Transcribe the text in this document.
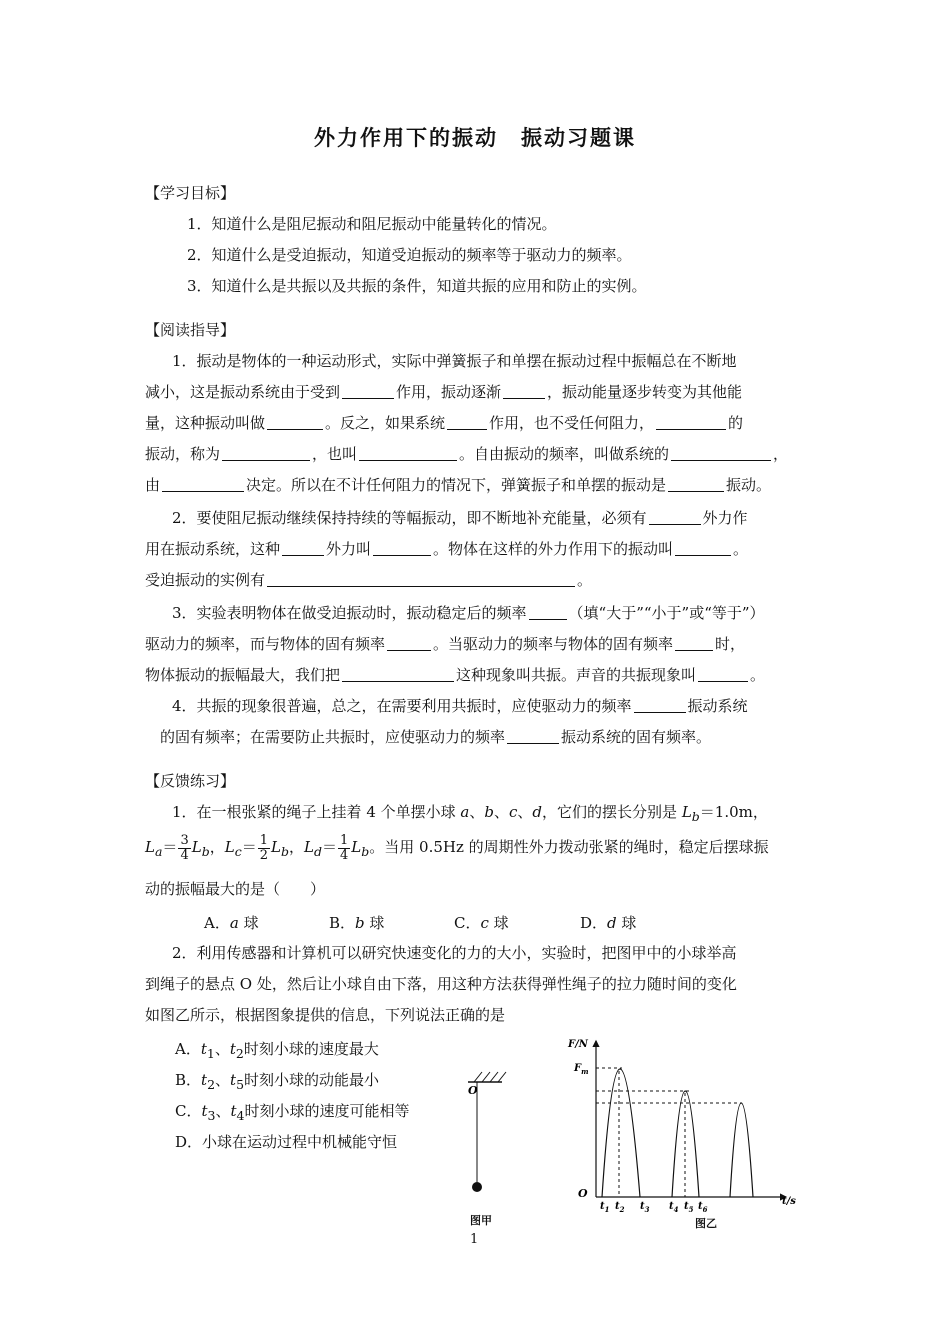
外力作用下的振动　振动习题课
【学习目标】
1．知道什么是阻尼振动和阻尼振动中能量转化的情况。
2．知道什么是受迫振动，知道受迫振动的频率等于驱动力的频率。
3．知道什么是共振以及共振的条件，知道共振的应用和防止的实例。
【阅读指导】
1．振动是物体的一种运动形式，实际中弹簧振子和单摆在振动过程中振幅总在不断地
减小，这是振动系统由于受到	作用，振动逐渐	，振动能量逐步转变为其他能
量，这种振动叫做	。反之，如果系统	作用，也不受任何阻力，	的
振动，称为	，也叫	。自由振动的频率，叫做系统的	，
由	决定。所以在不计任何阻力的情况下，弹簧振子和单摆的振动是	振动。
2．要使阻尼振动继续保持持续的等幅振动，即不断地补充能量，必须有	外力作
用在振动系统，这种	外力叫	。物体在这样的外力作用下的振动叫	。
受迫振动的实例有	。
3．实验表明物体在做受迫振动时，振动稳定后的频率	（填“大于”“小于”或“等于”）
驱动力的频率，而与物体的固有频率	。当驱动力的频率与物体的固有频率	时，
物体振动的振幅最大，我们把	这种现象叫共振。声音的共振现象叫	。
4．共振的现象很普遍，总之，在需要利用共振时，应使驱动力的频率	振动系统
的固有频率；在需要防止共振时，应使驱动力的频率	振动系统的固有频率。
【反馈练习】
1．在一根张紧的绳子上挂着 4 个单摆小球 a、b、c、d，它们的摆长分别是 $L_b=1.0m$，
$L_a= \frac{3}{4} L_b$，$L_c= \frac{1}{2} L_b$，$L_d= \frac{1}{4} L_b$。当用 0.5Hz 的周期性外力拨动张紧的绳时，稳定后摆球振
动的振幅最大的是（　　）
A．a 球	B．b 球	C．c 球	D．d 球
2．利用传感器和计算机可以研究快速变化的力的大小，实验时，把图甲中的小球举高
到绳子的悬点 O 处，然后让小球自由下落，用这种方法获得弹性绳子的拉力随时间的变化
如图乙所示，根据图象提供的信息，下列说法正确的是
A．$t_1$、$t_2$时刻小球的速度最大
B．$t_2$、$t_5$时刻小球的动能最小
C．$t_3$、$t_4$时刻小球的速度可能相等
D．小球在运动过程中机械能守恒
O
图甲
F/N
$F_m$
O
t/s
$t_1$ $t_2$ $t_3$ $t_4$ $t_5$ $t_6$
图乙
1
